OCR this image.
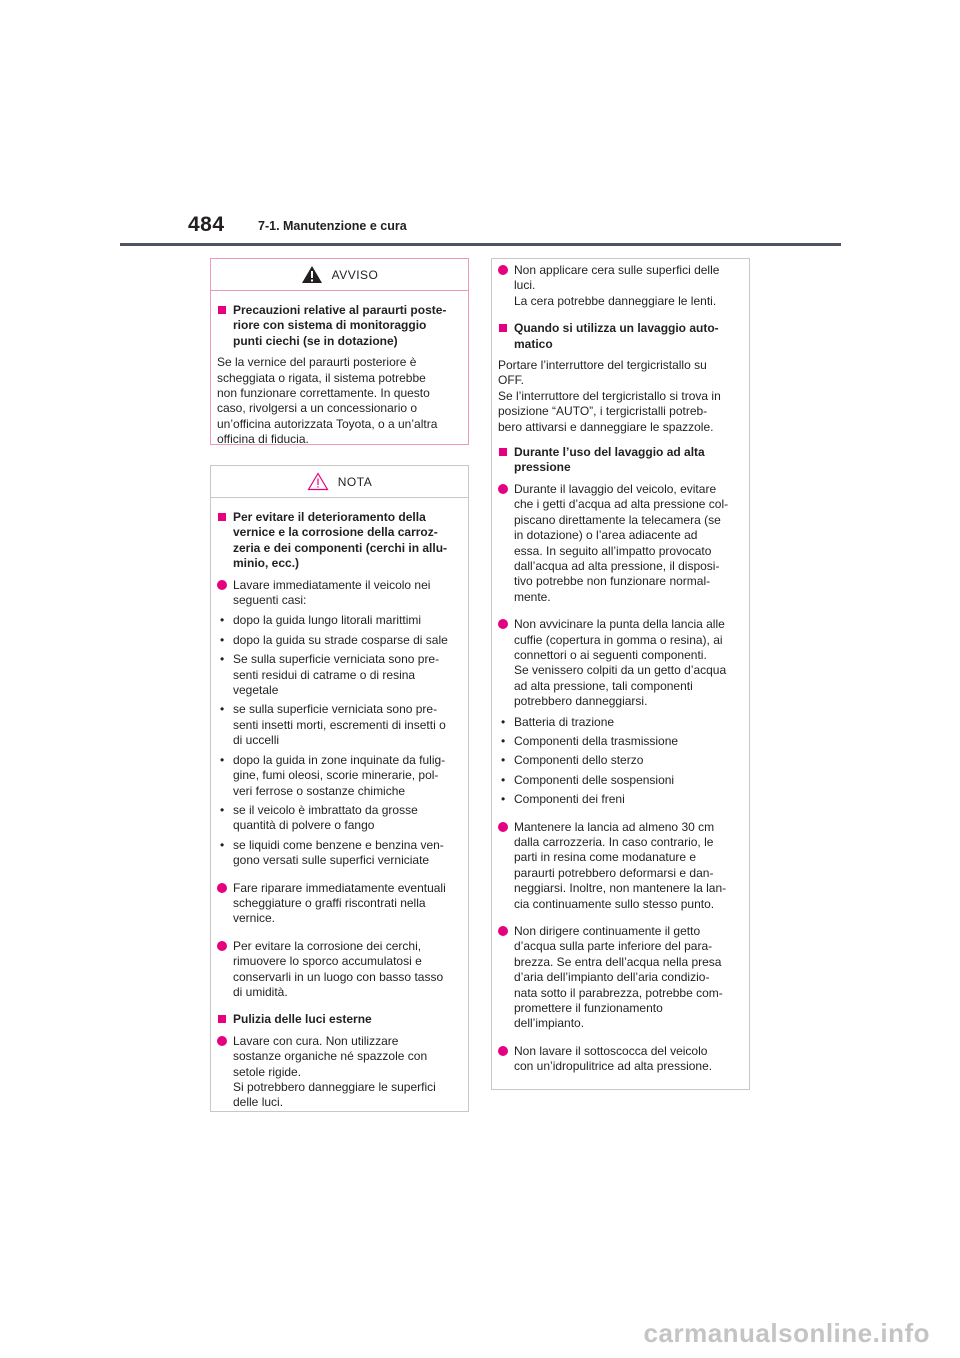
484	7-1. Manutenzione e cura
AVVISO
Precauzioni relative al paraurti poste-
riore con sistema di monitoraggio
punti ciechi (se in dotazione)
Se la vernice del paraurti posteriore è
scheggiata o rigata, il sistema potrebbe
non funzionare correttamente. In questo
caso, rivolgersi a un concessionario o
un’officina autorizzata Toyota, o a un’altra
officina di fiducia.
NOTA
Per evitare il deterioramento della
vernice e la corrosione della carroz-
zeria e dei componenti (cerchi in allu-
minio, ecc.)
Lavare immediatamente il veicolo nei
seguenti casi:
• dopo la guida lungo litorali marittimi
• dopo la guida su strade cosparse di sale
• Se sulla superficie verniciata sono pre-
senti residui di catrame o di resina
vegetale
• se sulla superficie verniciata sono pre-
senti insetti morti, escrementi di insetti o
di uccelli
• dopo la guida in zone inquinate da fulig-
gine, fumi oleosi, scorie minerarie, pol-
veri ferrose o sostanze chimiche
• se il veicolo è imbrattato da grosse
quantità di polvere o fango
• se liquidi come benzene e benzina ven-
gono versati sulle superfici verniciate
Fare riparare immediatamente eventuali
scheggiature o graffi riscontrati nella
vernice.
Per evitare la corrosione dei cerchi,
rimuovere lo sporco accumulatosi e
conservarli in un luogo con basso tasso
di umidità.
Pulizia delle luci esterne
Lavare con cura. Non utilizzare
sostanze organiche né spazzole con
setole rigide.
Si potrebbero danneggiare le superfici
delle luci.
Non applicare cera sulle superfici delle
luci.
La cera potrebbe danneggiare le lenti.
Quando si utilizza un lavaggio auto-
matico
Portare l’interruttore del tergicristallo su
OFF.
Se l’interruttore del tergicristallo si trova in
posizione “AUTO”, i tergicristalli potreb-
bero attivarsi e danneggiare le spazzole.
Durante l’uso del lavaggio ad alta
pressione
Durante il lavaggio del veicolo, evitare
che i getti d’acqua ad alta pressione col-
piscano direttamente la telecamera (se
in dotazione) o l’area adiacente ad
essa. In seguito all’impatto provocato
dall’acqua ad alta pressione, il disposi-
tivo potrebbe non funzionare normal-
mente.
Non avvicinare la punta della lancia alle
cuffie (copertura in gomma o resina), ai
connettori o ai seguenti componenti.
Se venissero colpiti da un getto d’acqua
ad alta pressione, tali componenti
potrebbero danneggiarsi.
• Batteria di trazione
• Componenti della trasmissione
• Componenti dello sterzo
• Componenti delle sospensioni
• Componenti dei freni
Mantenere la lancia ad almeno 30 cm
dalla carrozzeria. In caso contrario, le
parti in resina come modanature e
paraurti potrebbero deformarsi e dan-
neggiarsi. Inoltre, non mantenere la lan-
cia continuamente sullo stesso punto.
Non dirigere continuamente il getto
d’acqua sulla parte inferiore del para-
brezza. Se entra dell’acqua nella presa
d’aria dell’impianto dell’aria condizio-
nata sotto il parabrezza, potrebbe com-
promettere il funzionamento
dell’impianto.
Non lavare il sottoscocca del veicolo
con un’idropulitrice ad alta pressione.
carmanualsonline.info
